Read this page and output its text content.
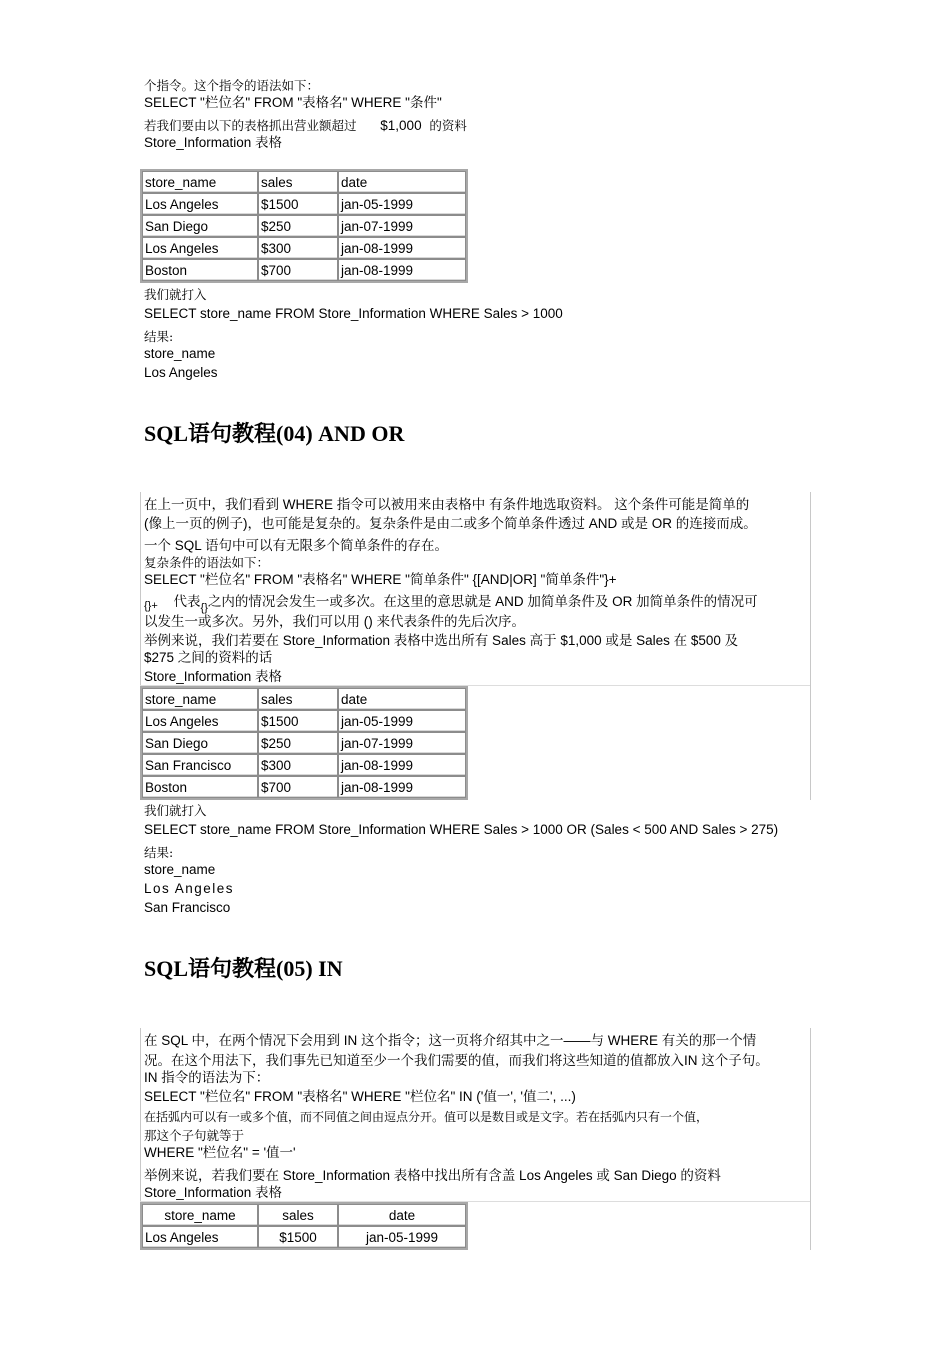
个指令。这个指令的语法如下：
SELECT "栏位名" FROM "表格名" WHERE "条件"
若我们要由以下的表格抓出营业额超过 $1,000 的资料
Store_Information 表格
store_name	sales	date
Los Angeles	$1500	jan-05-1999
San Diego	$250	jan-07-1999
Los Angeles	$300	jan-08-1999
Boston	$700	jan-08-1999
我们就打入
SELECT store_name FROM Store_Information WHERE Sales > 1000
结果:
store_name
Los Angeles
SQL语句教程(04) AND OR
在上一页中，我们看到 WHERE 指令可以被用来由表格中 有条件地选取资料。 这个条件可能是简单的
(像上一页的例子)，也可能是复杂的。复杂条件是由二或多个简单条件透过 AND 或是 OR 的连接而成。
一个 SQL 语句中可以有无限多个简单条件的存在。
复杂条件的语法如下：
SELECT "栏位名" FROM "表格名" WHERE "简单条件" {[AND|OR] "简单条件"}+
$_{\{\}+}$ 代表$_{\{\}}$之内的情况会发生一或多次。在这里的意思就是 AND 加简单条件及 OR 加简单条件的情况可
以发生一或多次。另外，我们可以用 () 来代表条件的先后次序。
举例来说，我们若要在 Store_Information 表格中选出所有 Sales 高于 $1,000 或是 Sales 在 $500 及
$275 之间的资料的话
Store_Information 表格
store_name	sales	date
Los Angeles	$1500	jan-05-1999
San Diego	$250	jan-07-1999
San Francisco	$300	jan-08-1999
Boston	$700	jan-08-1999
我们就打入
SELECT store_name FROM Store_Information WHERE Sales > 1000 OR (Sales < 500 AND Sales > 275)
结果:
store_name
Los Angeles
San Francisco
SQL语句教程(05) IN
在 SQL 中，在两个情况下会用到 IN 这个指令；这一页将介绍其中之一——与 WHERE 有关的那一个情
况。在这个用法下，我们事先已知道至少一个我们需要的值，而我们将这些知道的值都放入IN 这个子句。
IN 指令的语法为下：
SELECT "栏位名" FROM "表格名" WHERE "栏位名" IN ('值一', '值二', ...)
在括弧内可以有一或多个值，而不同值之间由逗点分开。值可以是数目或是文字。若在括弧内只有一个值，
那这个子句就等于
WHERE "栏位名" = '值一'
举例来说，若我们要在 Store_Information 表格中找出所有含盖 Los Angeles 或 San Diego 的资料
Store_Information 表格
store_name	sales	date
Los Angeles	$1500	jan-05-1999
